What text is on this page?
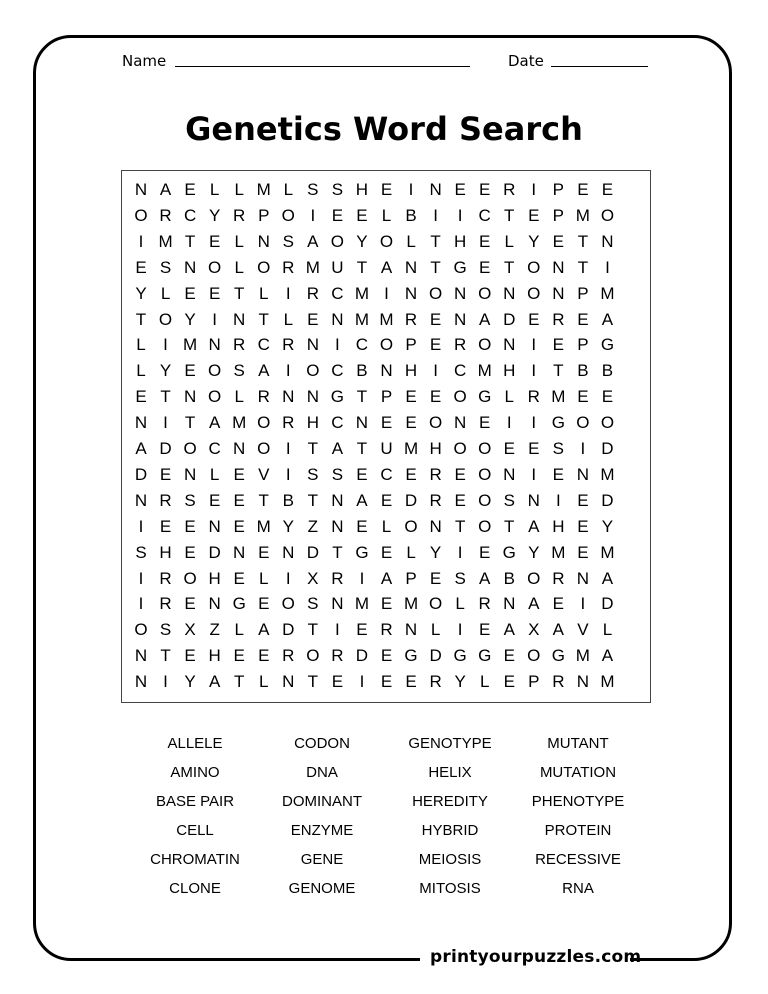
Name	Date
Genetics Word Search
N A E L L M L S S H E I N E E R I P E E
O R C Y R P O I E E L B I	I C T E P M O
I M T E L N S A O Y O L T H E L Y E T N
E S N O L O R M U T A N T G E T O N T I
Y L E E T L	I R C M I N O N O N O N P M
T O Y I N T L E N M M R E N A D E R E A
L	I M N R C R N I C O P E R O N I E P G
L Y E O S A I O C B N H I C M H I T B B
E T N O L R N N G T P E E O G L R M E E
N I T A M O R H C N E E O N E I	I G O O
A D O C N O I T A T U M H O O E E S I D
D E N L E V I S S E C E R E O N I E N M
N R S E E T B T N A E D R E O S N I E D
I E E N E M Y Z N E L O N T O T A H E Y
S H E D N E N D T G E L Y I E G Y M E M
I R O H E L	I X R I A P E S A B O R N A
I R E N G E O S N M E M O L R N A E I D
O S X Z L A D T I E R N L	I E A X A V L
N T E H E E R O R D E G D G G E O G M A
N I Y A T L N T E I E E R Y L E P R N M
ALLELE	CODON	GENOTYPE	MUTANT
AMINO	DNA	HELIX	MUTATION
BASE PAIR	DOMINANT	HEREDITY	PHENOTYPE
CELL	ENZYME	HYBRID	PROTEIN
CHROMATIN	GENE	MEIOSIS	RECESSIVE
CLONE	GENOME	MITOSIS	RNA
printyourpuzzles.com
